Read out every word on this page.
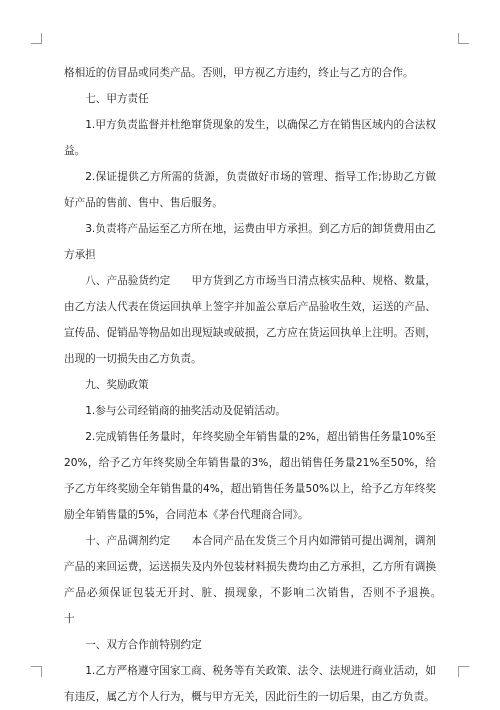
格相近的仿冒品或同类产品。否则，甲方视乙方违约，终止与乙方的合作。

七、甲方责任

1.甲方负责监督并杜绝窜货现象的发生，以确保乙方在销售区域内的合法权益。

2.保证提供乙方所需的货源，负责做好市场的管理、指导工作;协助乙方做好产品的售前、售中、售后服务。

3.负责将产品运至乙方所在地，运费由甲方承担。到乙方后的卸货费用由乙方承担

八、产品验货约定　　甲方货到乙方市场当日清点核实品种、规格、数量，由乙方法人代表在货运回执单上签字并加盖公章后产品验收生效，运送的产品、宣传品、促销品等物品如出现短缺或破损，乙方应在货运回执单上注明。否则，出现的一切损失由乙方负责。

九、奖励政策

1.参与公司经销商的抽奖活动及促销活动。

2.完成销售任务量时，年终奖励全年销售量的2%，超出销售任务量10%至20%，给予乙方年终奖励全年销售量的3%，超出销售任务量21%至50%，给予乙方年终奖励全年销售量的4%，超出销售任务量50%以上，给予乙方年终奖励全年销售量的5%，合同范本《茅台代理商合同》。

十、产品调剂约定　　本合同产品在发货三个月内如滞销可提出调剂，调剂产品的来回运费，运送损失及内外包装材料损失费均由乙方承担，乙方所有调换产品必须保证包装无开封、脏、损现象，不影响二次销售，否则不予退换。　　十

一、双方合作前特别约定

1.乙方严格遵守国家工商、税务等有关政策、法令、法规进行商业活动，如有违反，属乙方个人行为，概与甲方无关，因此衍生的一切后果，由乙方负责。
